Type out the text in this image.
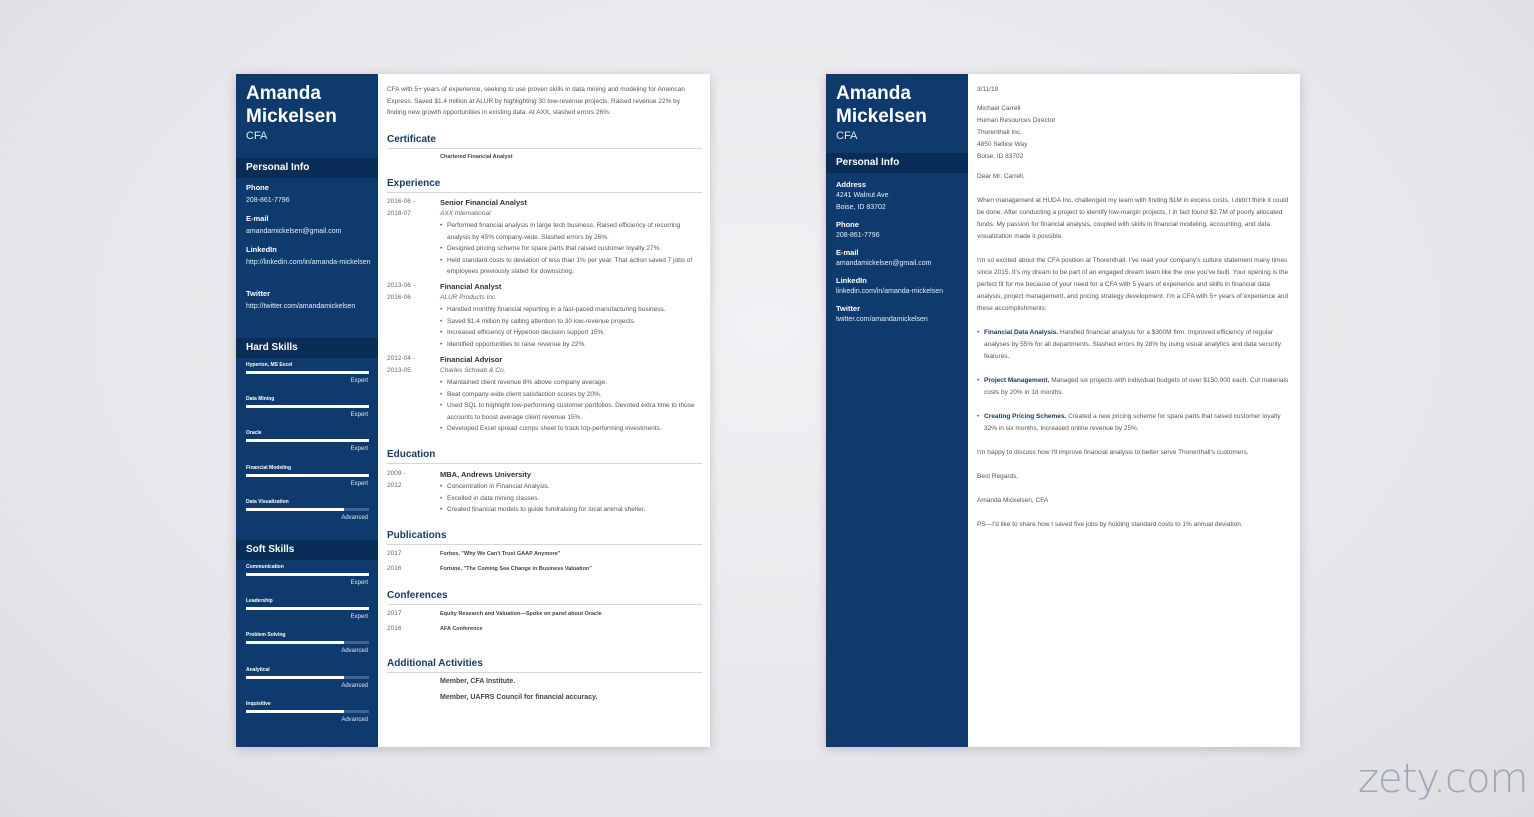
Amanda
Mickelsen
CFA
Personal Info
Phone
208-861-7796
E-mail
amandamickelsen@gmail.com
LinkedIn
http://linkedin.com/in/amanda-mickelsen
Twitter
http://twitter.com/amandamickelsen
Hard Skills
Hyperion, MS Excel
Expert
Data Mining
Expert
Oracle
Expert
Financial Modeling
Expert
Data Visualization
Advanced
Soft Skills
Communication
Expert
Leadership
Expert
Problem Solving
Advanced
Analytical
Advanced
Inquisitive
Advanced
CFA with 5+ years of experience, seeking to use proven skills in data mining and modeling for American Express. Saved $1.4 million at ALUR by highlighting 30 low-revenue projects. Raised revenue 22% by finding new growth opportunities in existing data. At AXX, slashed errors 26%.
Certificate
Chartered Financial Analyst
Experience
2016-06 -
2018-07
Senior Financial Analyst
AXX International
• Performed financial analysis in large tech business. Raised efficiency of recurring analysis by 45% company-wide. Slashed errors by 26%.
• Designed pricing scheme for spare parts that raised customer loyalty 27%.
• Held standard costs to deviation of less than 1% per year. That action saved 7 jobs of employees previously slated for downsizing.
2013-06 -
2016-06
Financial Analyst
ALUR Products Inc.
• Handled monthly financial reporting in a fast-paced manufacturing business.
• Saved $1.4 million by calling attention to 30 low-revenue projects.
• Increased efficiency of Hyperion decision support 15%.
• Identified opportunities to raise revenue by 22%.
2012-04 -
2013-05
Financial Advisor
Charles Schwab & Co.
• Maintained client revenue 8% above company average.
• Beat company-wide client satisfaction scores by 20%.
• Used SQL to highlight low-performing customer portfolios. Devoted extra time to those accounts to boost average client revenue 15%.
• Developed Excel spread comps sheet to track top-performing investments.
Education
2009 -
2012
MBA, Andrews University
• Concentration in Financial Analysis.
• Excelled in data mining classes.
• Created financial models to guide fundraising for local animal shelter.
Publications
2017	Forbes, "Why We Can't Trust GAAP Anymore"
2016	Fortune, "The Coming Sea Change in Business Valuation"
Conferences
2017	Equity Research and Valuation—Spoke on panel about Oracle
2016	AFA Conference
Additional Activities
Member, CFA Institute.
Member, UAFRS Council for financial accuracy.
Amanda
Mickelsen
CFA
Personal Info
Address
4241 Walnut Ave
Boise, ID 83702
Phone
208-861-7796
E-mail
amandamickelsen@gmail.com
LinkedIn
linkedin.com/in/amanda-mickelsen
Twitter
twitter.com/amandamickelsen
3/11/19
Michael Carrell
Human Resources Director
Thorenthall Inc.
4850 Seltice Way
Boise, ID 83702
Dear Mr. Carrell,
When management at HUDA Inc. challenged my team with finding $1M in excess costs, I didn't think it could be done. After conducting a project to identify low-margin projects, I in fact found $2.7M of poorly allocated funds. My passion for financial analysis, coupled with skills in financial modeling, accounting, and data visualization made it possible.
I'm so excited about the CFA position at Thorenthall. I've read your company's culture statement many times since 2015. It's my dream to be part of an engaged dream team like the one you've built. Your opening is the perfect fit for me because of your need for a CFA with 5 years of experience and skills in financial data analysis, project management, and pricing strategy development. I'm a CFA with 5+ years of experience and these accomplishments:
• Financial Data Analysis. Handled financial analysis for a $300M firm. Improved efficiency of regular analyses by 55% for all departments. Slashed errors by 28% by using visual analytics and data security features.
• Project Management. Managed six projects with individual budgets of over $150,000 each. Cut materials costs by 20% in 18 months.
• Creating Pricing Schemes. Created a new pricing scheme for spare parts that raised customer loyalty 32% in six months. Increased online revenue by 25%.
I'm happy to discuss how I'll improve financial analysis to better serve Thorenthall's customers.
Best Regards,
Amanda Mickelsen, CFA
PS—I'd like to share how I saved five jobs by holding standard costs to 1% annual deviation.
zety.com
